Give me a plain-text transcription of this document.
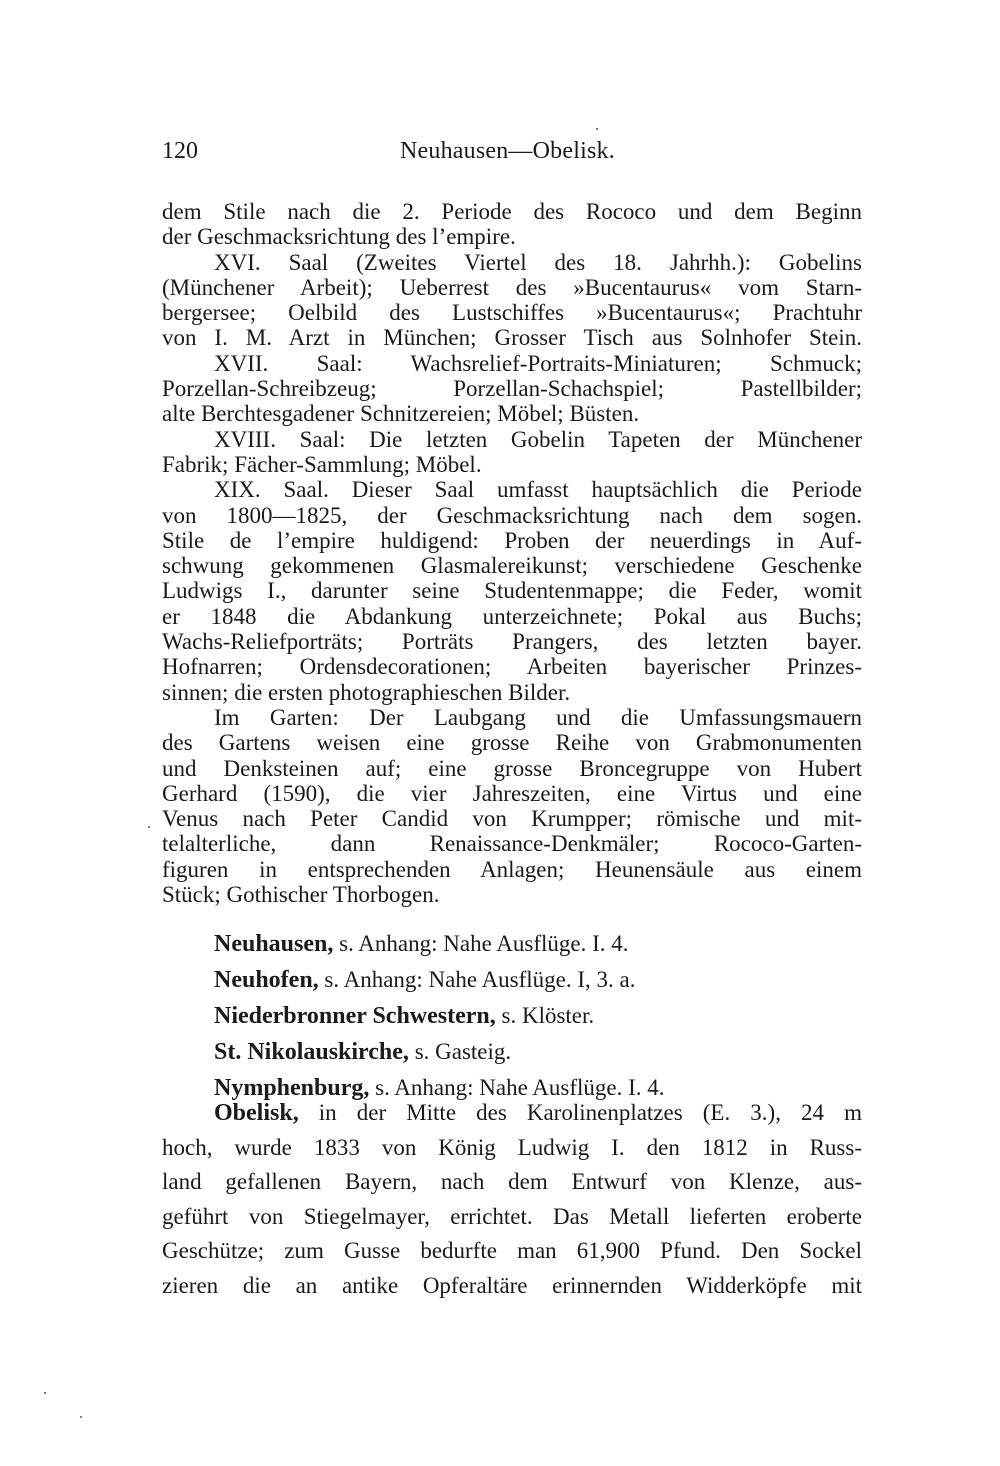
120	Neuhausen—Obelisk.
dem Stile nach die 2. Periode des Rococo und dem Beginn
der Geschmacksrichtung des l’empire.
XVI. Saal (Zweites Viertel des 18. Jahrhh.): Gobelins
(Münchener Arbeit); Ueberrest des »Bucentaurus« vom Starn-
bergersee; Oelbild des Lustschiffes »Bucentaurus«; Prachtuhr
von I. M. Arzt in München; Grosser Tisch aus Solnhofer Stein.
XVII. Saal: Wachsrelief-Portraits-Miniaturen; Schmuck;
Porzellan-Schreibzeug; Porzellan-Schachspiel; Pastellbilder;
alte Berchtesgadener Schnitzereien; Möbel; Büsten.
XVIII. Saal: Die letzten Gobelin Tapeten der Münchener
Fabrik; Fächer-Sammlung; Möbel.
XIX. Saal. Dieser Saal umfasst hauptsächlich die Periode
von 1800—1825, der Geschmacksrichtung nach dem sogen.
Stile de l’empire huldigend: Proben der neuerdings in Auf-
schwung gekommenen Glasmalereikunst; verschiedene Geschenke
Ludwigs I., darunter seine Studentenmappe; die Feder, womit
er 1848 die Abdankung unterzeichnete; Pokal aus Buchs;
Wachs-Reliefporträts; Porträts Prangers, des letzten bayer.
Hofnarren; Ordensdecorationen; Arbeiten bayerischer Prinzes-
sinnen; die ersten photographieschen Bilder.
Im Garten: Der Laubgang und die Umfassungsmauern
des Gartens weisen eine grosse Reihe von Grabmonumenten
und Denksteinen auf; eine grosse Broncegruppe von Hubert
Gerhard (1590), die vier Jahreszeiten, eine Virtus und eine
Venus nach Peter Candid von Krumpper; römische und mit-
telalterliche, dann Renaissance-Denkmäler; Rococo-Garten-
figuren in entsprechenden Anlagen; Heunensäule aus einem
Stück; Gothischer Thorbogen.
Neuhausen, s. Anhang: Nahe Ausflüge. I. 4.
Neuhofen, s. Anhang: Nahe Ausflüge. I, 3. a.
Niederbronner Schwestern, s. Klöster.
St. Nikolauskirche, s. Gasteig.
Nymphenburg, s. Anhang: Nahe Ausflüge. I. 4.
Obelisk, in der Mitte des Karolinenplatzes (E. 3.), 24 m
hoch, wurde 1833 von König Ludwig I. den 1812 in Russ-
land gefallenen Bayern, nach dem Entwurf von Klenze, aus-
geführt von Stiegelmayer, errichtet. Das Metall lieferten eroberte
Geschütze; zum Gusse bedurfte man 61,900 Pfund. Den Sockel
zieren die an antike Opferaltäre erinnernden Widderköpfe mit
